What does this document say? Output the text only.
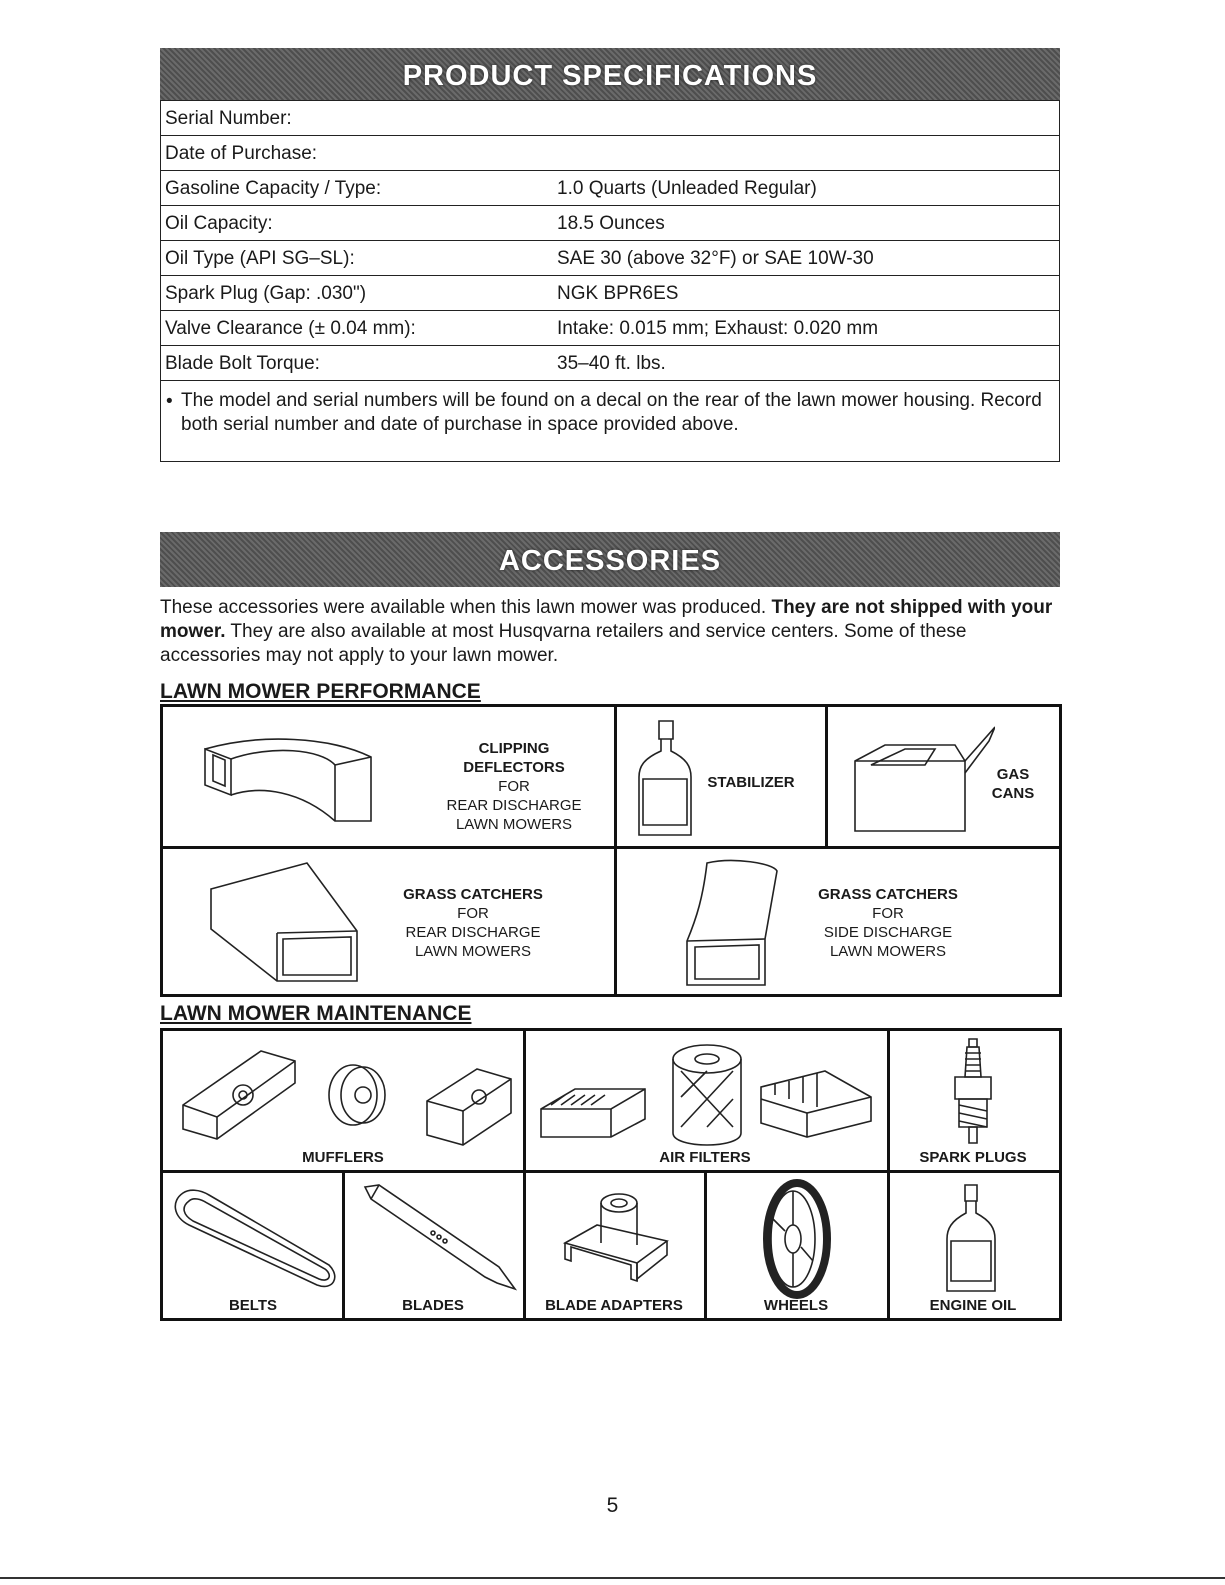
PRODUCT SPECIFICATIONS
Serial Number:
Date of Purchase:
Gasoline Capacity / Type:	1.0 Quarts (Unleaded Regular)
Oil Capacity:	18.5 Ounces
Oil Type (API SG–SL):	SAE 30 (above 32°F) or SAE 10W-30
Spark Plug (Gap: .030")	NGK BPR6ES
Valve Clearance (± 0.04 mm):	Intake: 0.015 mm; Exhaust: 0.020 mm
Blade Bolt Torque:	35–40 ft. lbs.
• The model and serial numbers will be found on a decal on the rear of the lawn mower housing. Record both serial number and date of purchase in space provided above.
ACCESSORIES
These accessories were available when this lawn mower was produced. They are not shipped with your mower. They are also available at most Husqvarna retailers and service centers. Some of these accessories may not apply to your lawn mower.
LAWN MOWER PERFORMANCE
CLIPPING
DEFLECTORS
FOR
REAR DISCHARGE
LAWN MOWERS
STABILIZER	GAS
CANS
GRASS CATCHERS
FOR
REAR DISCHARGE
LAWN MOWERS
GRASS CATCHERS
FOR
SIDE DISCHARGE
LAWN MOWERS
LAWN MOWER MAINTENANCE
MUFFLERS	AIR FILTERS	SPARK PLUGS
BELTS	BLADES	BLADE ADAPTERS	WHEELS	ENGINE OIL
5
